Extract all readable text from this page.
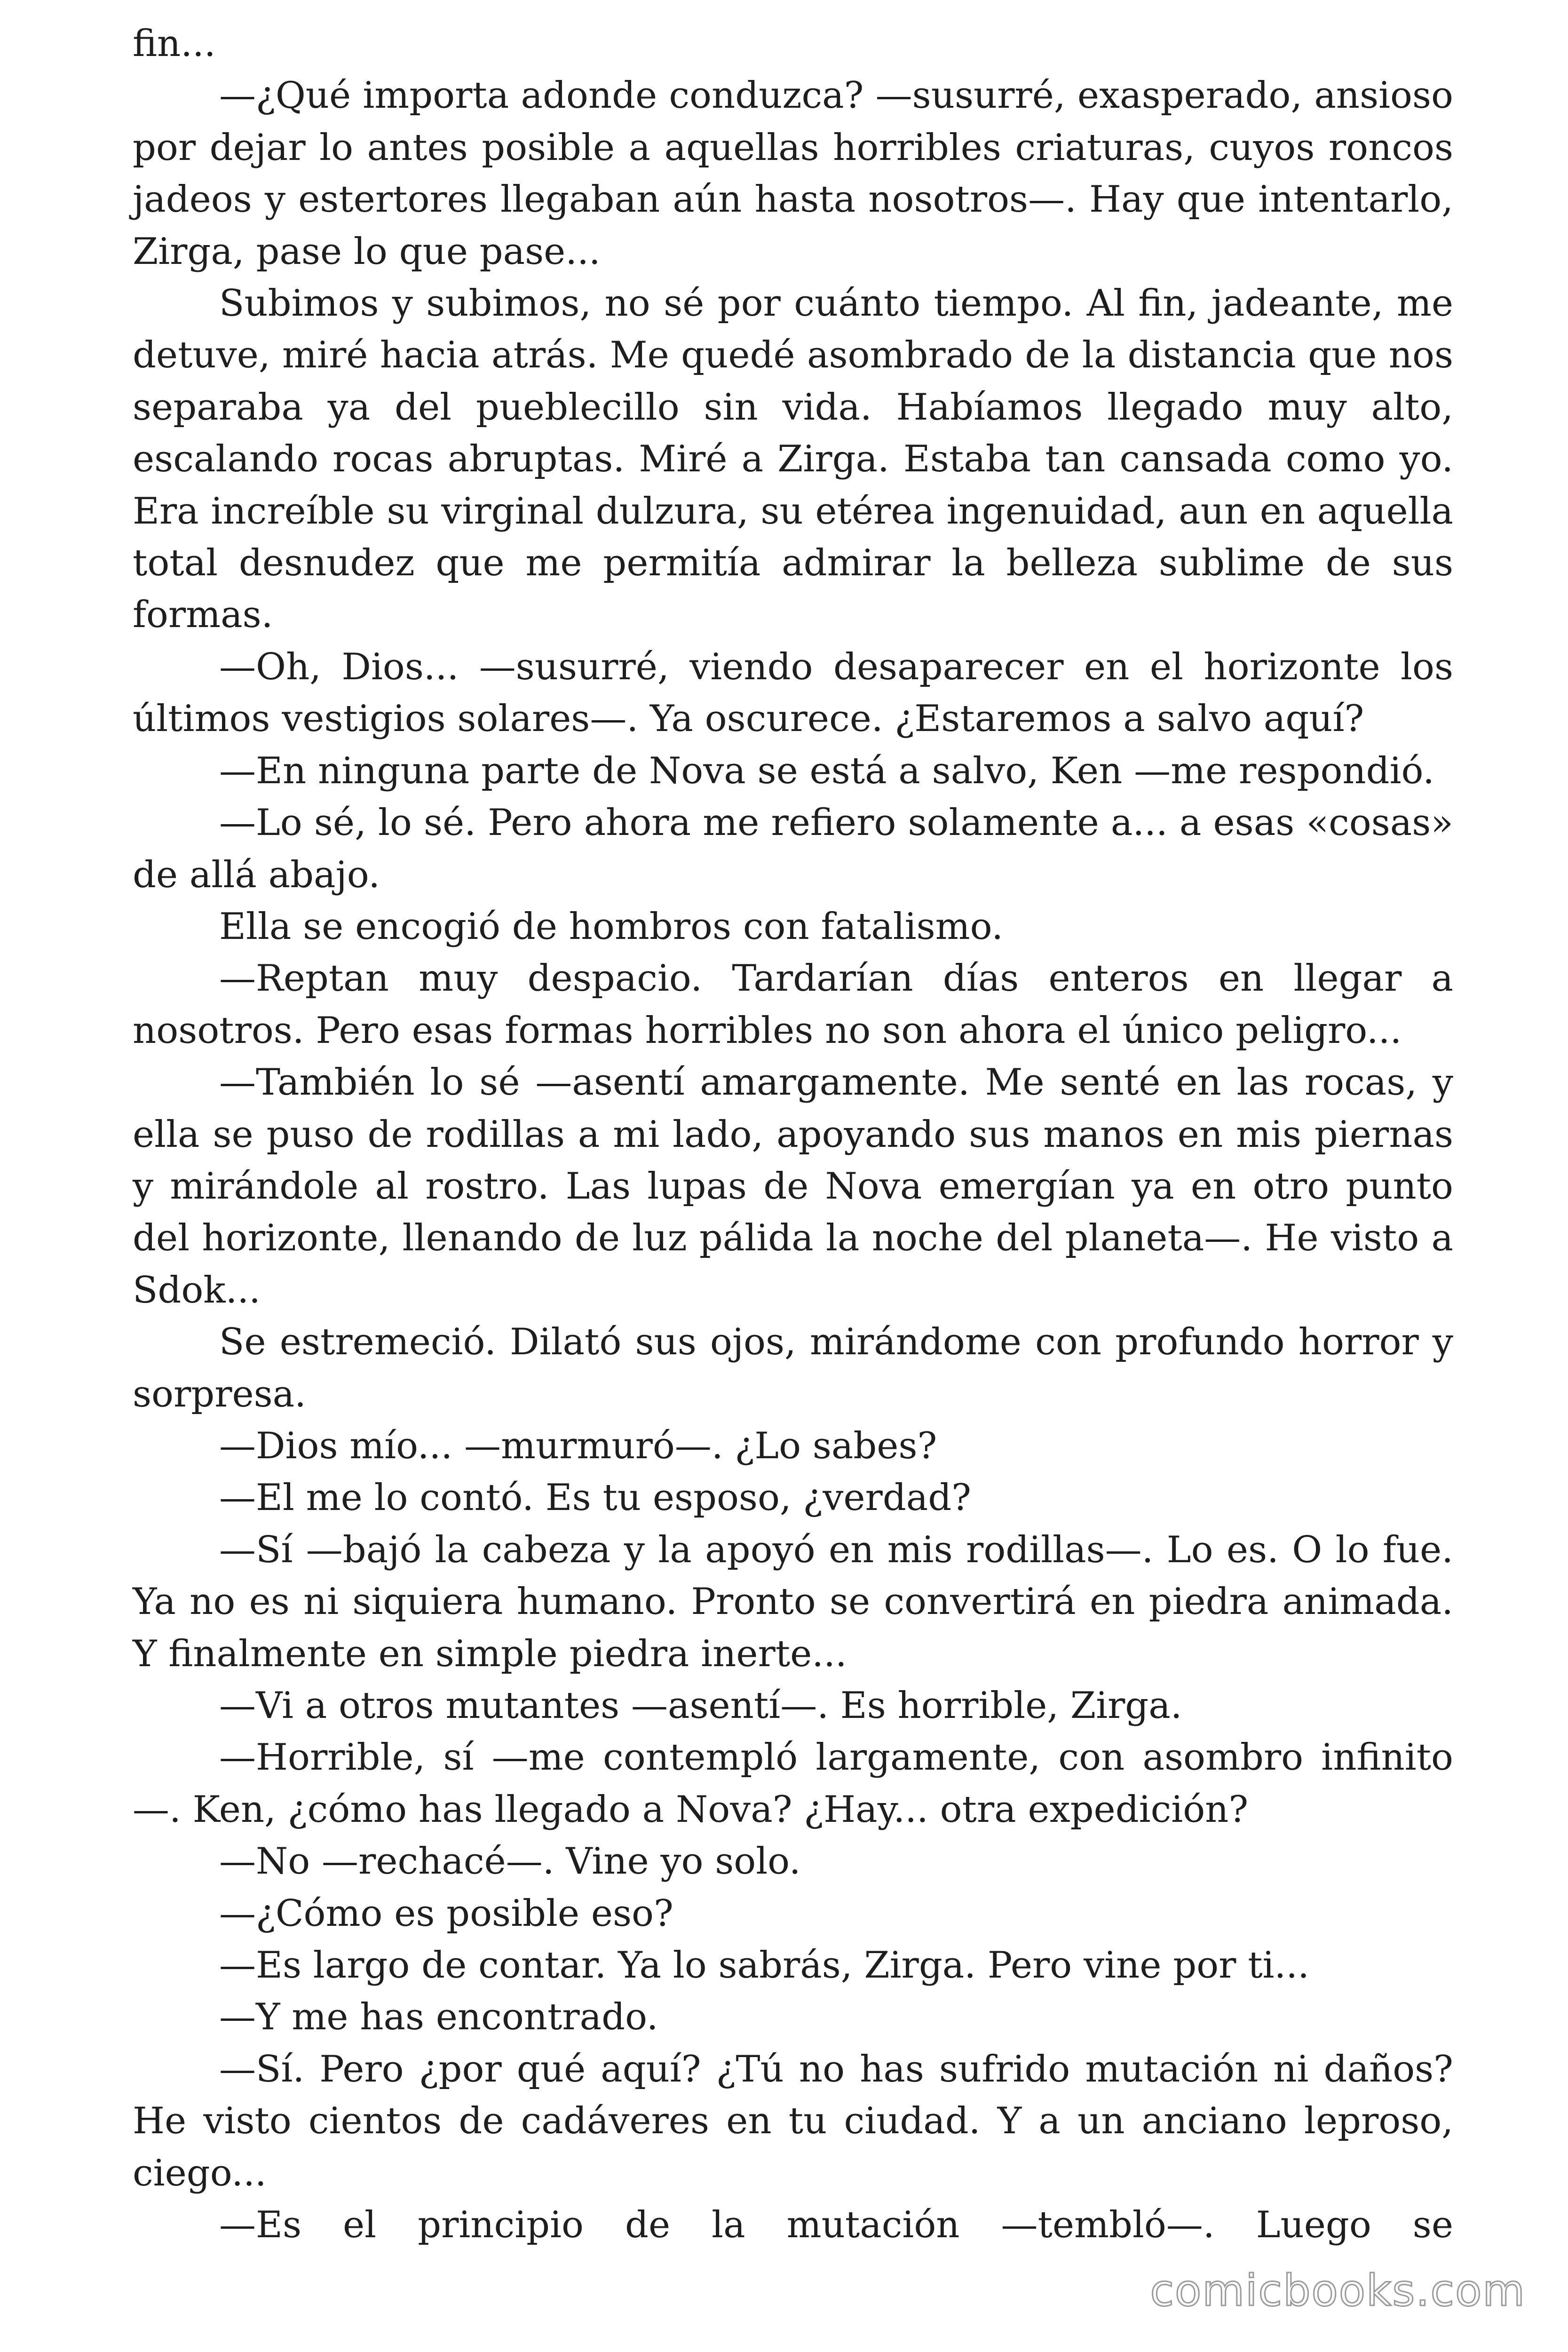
fin...

—¿Qué importa adonde conduzca? —susurré, exasperado, ansioso por dejar lo antes posible a aquellas horribles criaturas, cuyos roncos jadeos y estertores llegaban aún hasta nosotros—. Hay que intentarlo, Zirga, pase lo que pase...

Subimos y subimos, no sé por cuánto tiempo. Al fin, jadeante, me detuve, miré hacia atrás. Me quedé asombrado de la distancia que nos separaba ya del pueblecillo sin vida. Habíamos llegado muy alto, escalando rocas abruptas. Miré a Zirga. Estaba tan cansada como yo. Era increíble su virginal dulzura, su etérea ingenuidad, aun en aquella total desnudez que me permitía admirar la belleza sublime de sus formas.

—Oh, Dios... —susurré, viendo desaparecer en el horizonte los últimos vestigios solares—. Ya oscurece. ¿Estaremos a salvo aquí?

—En ninguna parte de Nova se está a salvo, Ken —me respondió.

—Lo sé, lo sé. Pero ahora me refiero solamente a... a esas «cosas» de allá abajo.

Ella se encogió de hombros con fatalismo.

—Reptan muy despacio. Tardarían días enteros en llegar a nosotros. Pero esas formas horribles no son ahora el único peligro...

—También lo sé —asentí amargamente. Me senté en las rocas, y ella se puso de rodillas a mi lado, apoyando sus manos en mis piernas y mirándole al rostro. Las lupas de Nova emergían ya en otro punto del horizonte, llenando de luz pálida la noche del planeta—. He visto a Sdok...

Se estremeció. Dilató sus ojos, mirándome con profundo horror y sorpresa.

—Dios mío... —murmuró—. ¿Lo sabes?

—El me lo contó. Es tu esposo, ¿verdad?

—Sí —bajó la cabeza y la apoyó en mis rodillas—. Lo es. O lo fue. Ya no es ni siquiera humano. Pronto se convertirá en piedra animada. Y finalmente en simple piedra inerte...

—Vi a otros mutantes —asentí—. Es horrible, Zirga.

—Horrible, sí —me contempló largamente, con asombro infinito—. Ken, ¿cómo has llegado a Nova? ¿Hay... otra expedición?

—No —rechacé—. Vine yo solo.

—¿Cómo es posible eso?

—Es largo de contar. Ya lo sabrás, Zirga. Pero vine por ti...

—Y me has encontrado.

—Sí. Pero ¿por qué aquí? ¿Tú no has sufrido mutación ni daños? He visto cientos de cadáveres en tu ciudad. Y a un anciano leproso, ciego...

—Es el principio de la mutación —tembló—. Luego se

comicbooks.com
